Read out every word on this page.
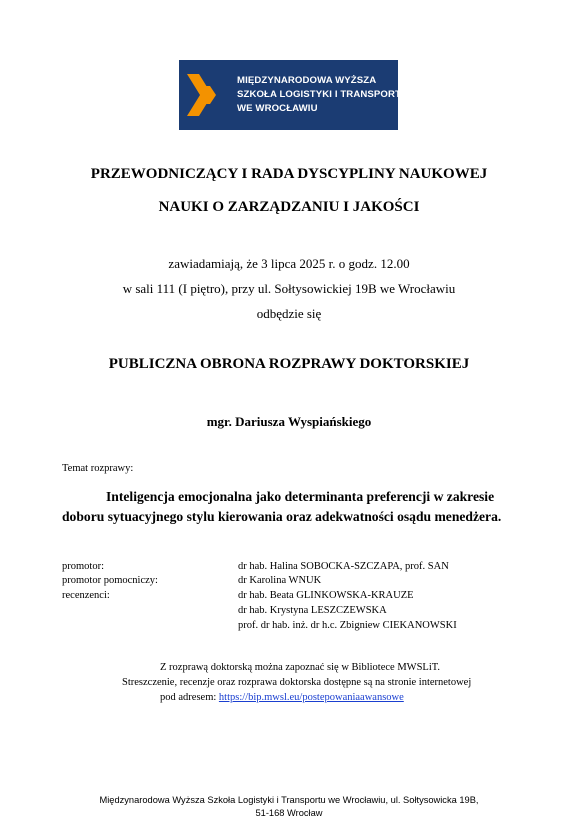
MIĘDZYNARODOWA WYŻSZA
SZKOŁA LOGISTYKI I TRANSPORTU
WE WROCŁAWIU
PRZEWODNICZĄCY I RADA DYSCYPLINY NAUKOWEJ
NAUKI O ZARZĄDZANIU I JAKOŚCI
zawiadamiają, że 3 lipca 2025 r. o godz. 12.00
w sali 111 (I piętro), przy ul. Sołtysowickiej 19B we Wrocławiu
odbędzie się
PUBLICZNA OBRONA ROZPRAWY DOKTORSKIEJ
mgr. Dariusza Wyspiańskiego
Temat rozprawy:
Inteligencja emocjonalna jako determinanta preferencji w zakresie
doboru sytuacyjnego stylu kierowania oraz adekwatności osądu menedżera.
promotor:	dr hab. Halina SOBOCKA-SZCZAPA, prof. SAN
promotor pomocniczy:	dr Karolina WNUK
recenzenci:	dr hab. Beata GLINKOWSKA-KRAUZE
dr hab. Krystyna LESZCZEWSKA
prof. dr hab. inż. dr h.c. Zbigniew CIEKANOWSKI
Z rozprawą doktorską można zapoznać się w Bibliotece MWSLiT.
Streszczenie, recenzje oraz rozprawa doktorska dostępne są na stronie internetowej
pod adresem: https://bip.mwsl.eu/postepowaniaawansowe
Międzynarodowa Wyższa Szkoła Logistyki i Transportu we Wrocławiu, ul. Sołtysowicka 19B,
51-168 Wrocław
